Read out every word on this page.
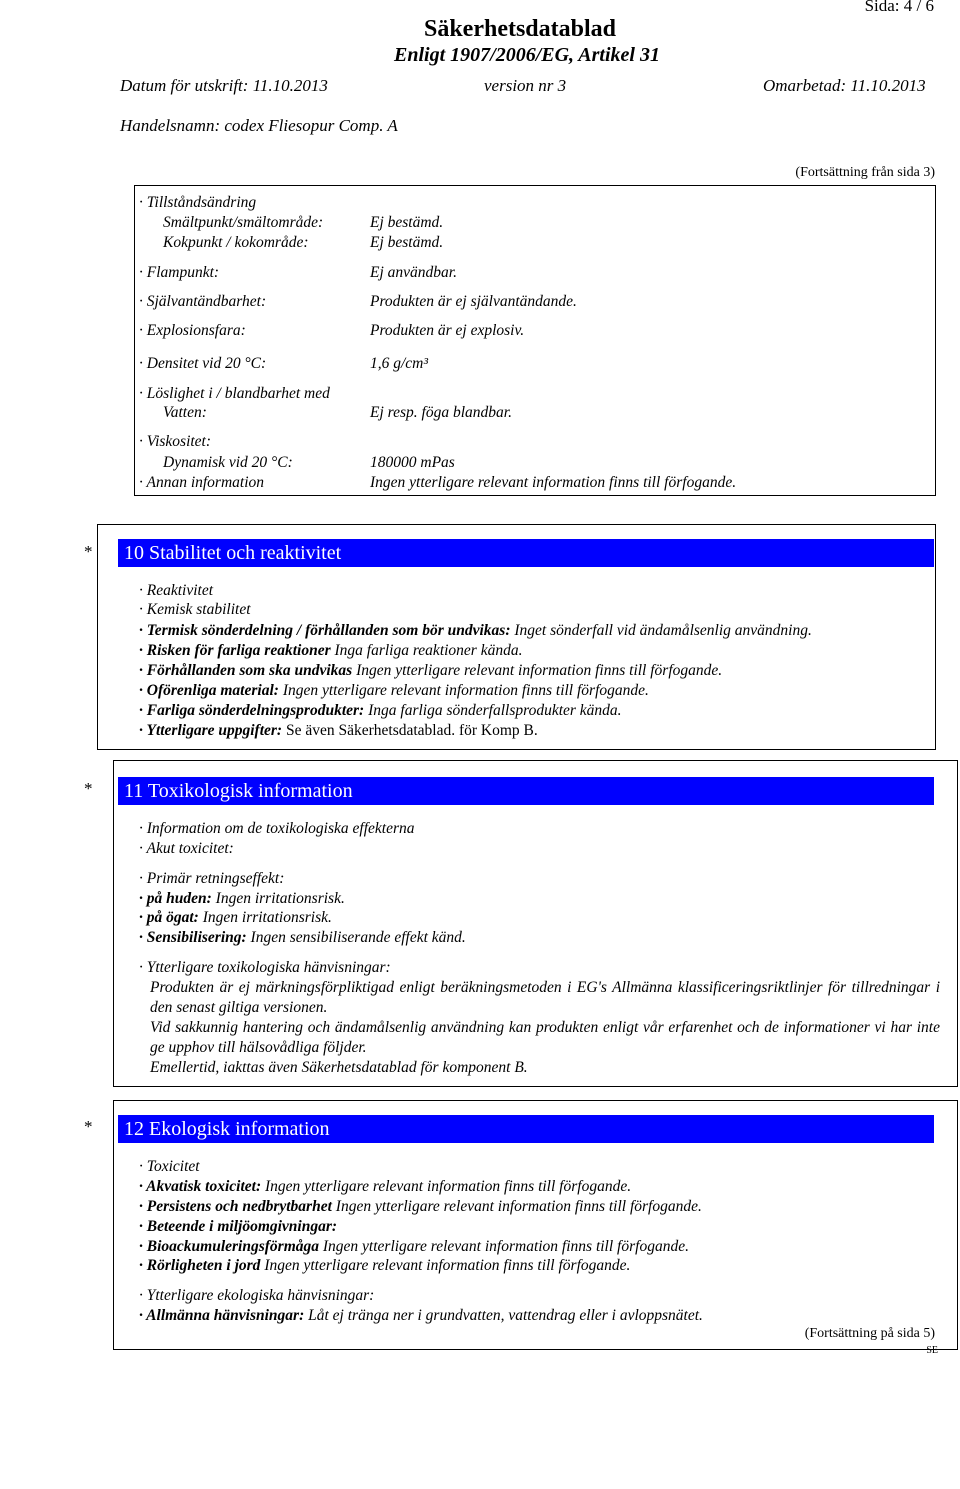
Sida: 4 / 6
Säkerhetsdatablad
Enligt 1907/2006/EG, Artikel 31
Datum för utskrift: 11.10.2013	version nr 3	Omarbetad: 11.10.2013
Handelsnamn: codex Fliesopur Comp. A
(Fortsättning från sida 3)
· Tillståndsändring
Smältpunkt/smältområde:	Ej bestämd.
Kokpunkt / kokområde:	Ej bestämd.
· Flampunkt:	Ej användbar.
· Självantändbarhet:	Produkten är ej självantändande.
· Explosionsfara:	Produkten är ej explosiv.
· Densitet vid 20 °C:	1,6 g/cm³
· Löslighet i / blandbarhet med
Vatten:	Ej resp. föga blandbar.
· Viskositet:
Dynamisk vid 20 °C:	180000 mPas
· Annan information	Ingen ytterligare relevant information finns till förfogande.
* 10 Stabilitet och reaktivitet
· Reaktivitet
· Kemisk stabilitet
· Termisk sönderdelning / förhållanden som bör undvikas: Inget sönderfall vid ändamålsenlig användning.
· Risken för farliga reaktioner Inga farliga reaktioner kända.
· Förhållanden som ska undvikas Ingen ytterligare relevant information finns till förfogande.
· Oförenliga material: Ingen ytterligare relevant information finns till förfogande.
· Farliga sönderdelningsprodukter: Inga farliga sönderfallsprodukter kända.
· Ytterligare uppgifter: Se även Säkerhetsdatablad. för Komp B.
* 11 Toxikologisk information
· Information om de toxikologiska effekterna
· Akut toxicitet:
· Primär retningseffekt:
· på huden: Ingen irritationsrisk.
· på ögat: Ingen irritationsrisk.
· Sensibilisering: Ingen sensibiliserande effekt känd.
· Ytterligare toxikologiska hänvisningar:
Produkten är ej märkningsförpliktigad enligt beräkningsmetoden i EG's Allmänna klassificeringsriktlinjer för tillredningar i den senast giltiga versionen.
Vid sakkunnig hantering och ändamålsenlig användning kan produkten enligt vår erfarenhet och de informationer vi har inte ge upphov till hälsovådliga följder.
Emellertid, iakttas även Säkerhetsdatablad för komponent B.
* 12 Ekologisk information
· Toxicitet
· Akvatisk toxicitet: Ingen ytterligare relevant information finns till förfogande.
· Persistens och nedbrytbarhet Ingen ytterligare relevant information finns till förfogande.
· Beteende i miljöomgivningar:
· Bioackumuleringsförmåga Ingen ytterligare relevant information finns till förfogande.
· Rörligheten i jord Ingen ytterligare relevant information finns till förfogande.
· Ytterligare ekologiska hänvisningar:
· Allmänna hänvisningar: Låt ej tränga ner i grundvatten, vattendrag eller i avloppsnätet.
(Fortsättning på sida 5)
SE
